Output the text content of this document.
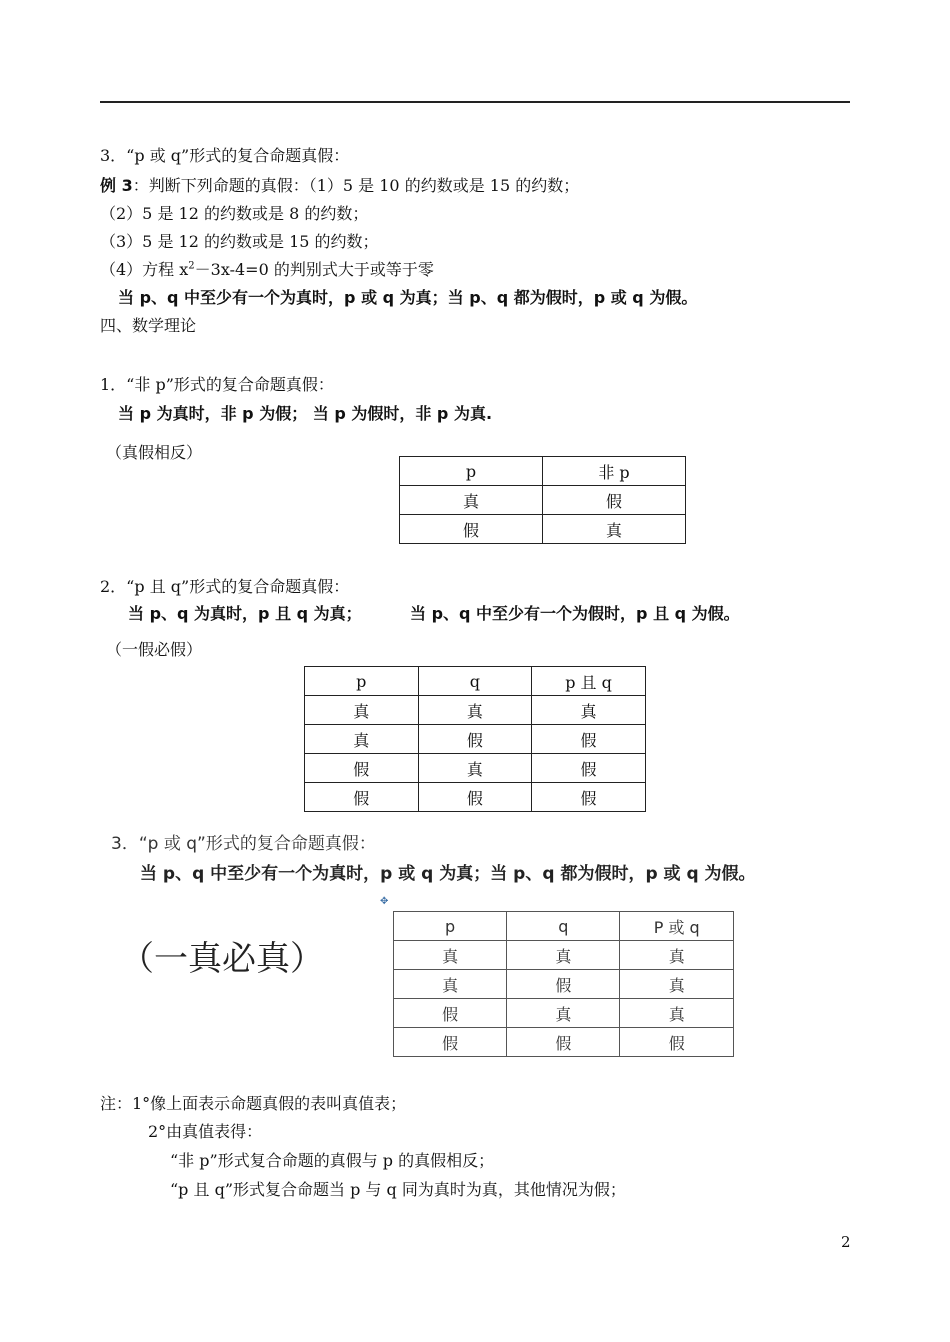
3．“p 或 q”形式的复合命题真假：
例 3：判断下列命题的真假：（1）5 是 10 的约数或是 15 的约数；
（2）5 是 12 的约数或是 8 的约数；
（3）5 是 12 的约数或是 15 的约数；
（4）方程 $x^2-3x-4=0$ 的判别式大于或等于零
当 p、q 中至少有一个为真时，p 或 q 为真；当 p、q 都为假时，p 或 q 为假。
四、数学理论
1．“非 p”形式的复合命题真假：
当 p 为真时，非 p 为假； 当 p 为假时，非 p 为真.
（真假相反）
p	非 p
真	假
假	真
2．“p 且 q”形式的复合命题真假：
当 p、q 为真时，p 且 q 为真；	当 p、q 中至少有一个为假时，p 且 q 为假。
（一假必假）
p	q	p 且 q
真	真	真
真	假	假
假	真	假
假	假	假
3．“p 或 q”形式的复合命题真假：
当 p、q 中至少有一个为真时，p 或 q 为真；当 p、q 都为假时，p 或 q 为假。
（一真必真）
✥
p	q	P 或 q
真	真	真
真	假	真
假	真	真
假	假	假
注：1°像上面表示命题真假的表叫真值表；
2°由真值表得：
“非 p”形式复合命题的真假与 p 的真假相反；
“p 且 q”形式复合命题当 p 与 q 同为真时为真，其他情况为假；
2
